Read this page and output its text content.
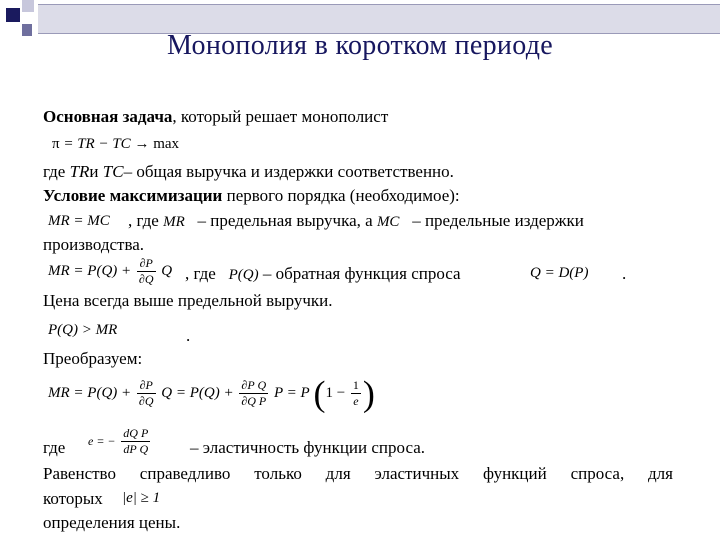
Монополия в коротком периоде
Основная задача, который решает монополист
π = TR − TC → max
где TRи TC– общая выручка и издержки соответственно.
Условие максимизации первого порядка (необходимое):
MR = MC , где MR – предельная выручка, а MC – предельные издержки
производства.
MR = $P(Q) + \frac{\partial P}{\partial Q}$ Q , где P(Q) – обратная функция спроса	Q = D(P) .
Цена всегда выше предельной выручки.
P(Q) > MR	.
Преобразуем:
MR = $P(Q) + \frac{\partial P}{\partial Q}$ $Q = P(Q) + \frac{\text{∂P Q}}{\text{∂Q P}}$ P = P ($1 - \frac{1}{e}$ )
где e = − $\frac{\text{dQ P}}{\text{dP Q}}$ – эластичность функции спроса.
Равенство справедливо только для эластичных функций спроса, для
которых |e| ≥ 1
определения цены.
